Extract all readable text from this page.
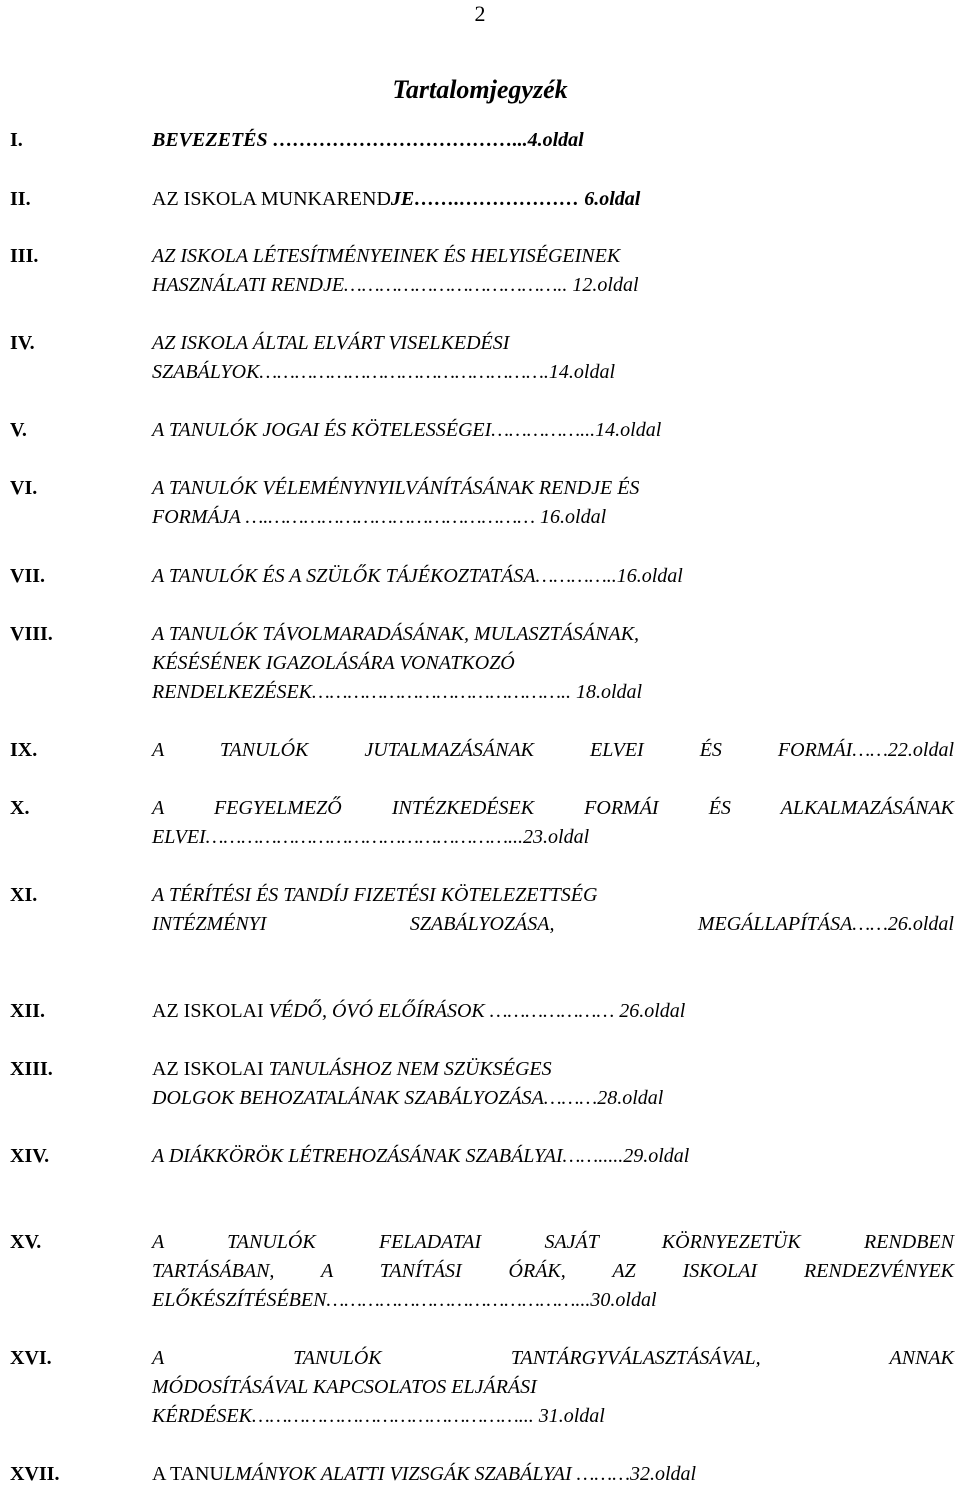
2
Tartalomjegyzék
I.	BEVEZETÉS ………………………………...4.oldal
II.	AZ ISKOLA MUNKARENDJE…….……………… 6.oldal
III.	AZ ISKOLA LÉTESÍTMÉNYEINEK ÉS HELYISÉGEINEK
HASZNÁLATI RENDJE……………………………….. 12.oldal
IV.	AZ ISKOLA ÁLTAL ELVÁRT VISELKEDÉSI
SZABÁLYOK………………………………………….14.oldal
V.	A TANULÓK JOGAI ÉS KÖTELESSÉGEI……………...14.oldal
VI.	A TANULÓK VÉLEMÉNYNYILVÁNÍTÁSÁNAK RENDJE ÉS
FORMÁJA ….……………………………………… 16.oldal
VII.	A TANULÓK ÉS A SZÜLŐK TÁJÉKOZTATÁSA…………..16.oldal
VIII.	A TANULÓK TÁVOLMARADÁSÁNAK, MULASZTÁSÁNAK,
KÉSÉSÉNEK IGAZOLÁSÁRA VONATKOZÓ
RENDELKEZÉSEK…………………………………….. 18.oldal
IX.	A TANULÓK JUTALMAZÁSÁNAK ELVEI ÉS FORMÁI……22.oldal
X.	A FEGYELMEZŐ INTÉZKEDÉSEK FORMÁI ÉS ALKALMAZÁSÁNAK
ELVEI……………………………………………...23.oldal
XI.	A TÉRÍTÉSI ÉS TANDÍJ FIZETÉSI KÖTELEZETTSÉG
INTÉZMÉNYI SZABÁLYOZÁSA, MEGÁLLAPÍTÁSA……26.oldal
XII.	AZ ISKOLAI VÉDŐ, ÓVÓ ELŐÍRÁSOK ………………… 26.oldal
XIII.	AZ ISKOLAI TANULÁSHOZ NEM SZÜKSÉGES
DOLGOK BEHOZATALÁNAK SZABÁLYOZÁSA………28.oldal
XIV.	A DIÁKKÖRÖK LÉTREHOZÁSÁNAK SZABÁLYAI…….....29.oldal
XV.	A TANULÓK FELADATAI SAJÁT KÖRNYEZETÜK RENDBEN
TARTÁSÁBAN, A TANÍTÁSI ÓRÁK, AZ ISKOLAI RENDEZVÉNYEK
ELŐKÉSZÍTÉSÉBEN……………………………………...30.oldal
XVI.	A TANULÓK TANTÁRGYVÁLASZTÁSÁVAL, ANNAK
MÓDOSÍTÁSÁVAL KAPCSOLATOS ELJÁRÁSI
KÉRDÉSEK………………………………………... 31.oldal
XVII.	A TANULMÁNYOK ALATTI VIZSGÁK SZABÁLYAI ………32.oldal
